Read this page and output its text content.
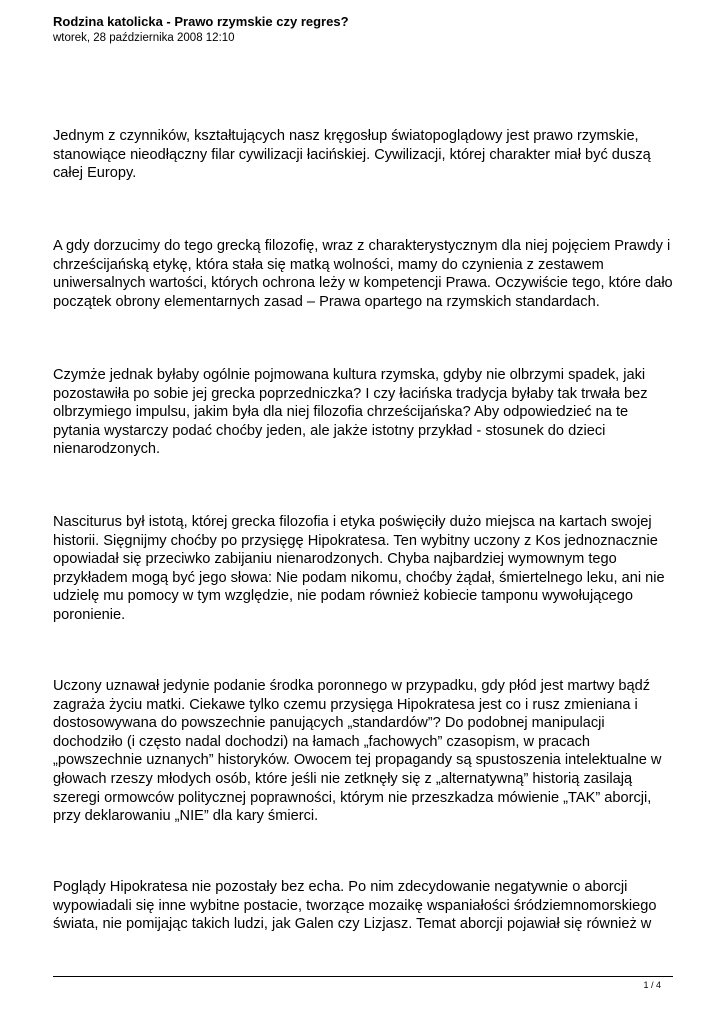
Rodzina katolicka - Prawo rzymskie czy regres?

wtorek, 28 października 2008 12:10

Jednym z czynników, kształtujących nasz kręgosłup światopoglądowy jest prawo rzymskie,
stanowiące nieodłączny filar cywilizacji łacińskiej. Cywilizacji, której charakter miał być duszą
całej Europy.

A gdy dorzucimy do tego grecką filozofię, wraz z charakterystycznym dla niej pojęciem Prawdy i
chrześcijańską etykę, która stała się matką wolności, mamy do czynienia z zestawem
uniwersalnych wartości, których ochrona leży w kompetencji Prawa. Oczywiście tego, które dało
początek obrony elementarnych zasad – Prawa opartego na rzymskich standardach.

Czymże jednak byłaby ogólnie pojmowana kultura rzymska, gdyby nie olbrzymi spadek, jaki
pozostawiła po sobie jej grecka poprzedniczka? I czy łacińska tradycja byłaby tak trwała bez
olbrzymiego impulsu, jakim była dla niej filozofia chrześcijańska? Aby odpowiedzieć na te
pytania wystarczy podać choćby jeden, ale jakże istotny przykład - stosunek do dzieci
nienarodzonych.

Nasciturus był istotą, której grecka filozofia i etyka poświęciły dużo miejsca na kartach swojej
historii. Sięgnijmy choćby po przysięgę Hipokratesa. Ten wybitny uczony z Kos jednoznacznie
opowiadał się przeciwko zabijaniu nienarodzonych. Chyba najbardziej wymownym tego
przykładem mogą być jego słowa: Nie podam nikomu, choćby żądał, śmiertelnego leku, ani nie
udzielę mu pomocy w tym względzie, nie podam również kobiecie tamponu wywołującego
poronienie.

Uczony uznawał jedynie podanie środka poronnego w przypadku, gdy płód jest martwy bądź
zagraża życiu matki. Ciekawe tylko czemu przysięga Hipokratesa jest co i rusz zmieniana i
dostosowywana do powszechnie panujących „standardów”? Do podobnej manipulacji
dochodziło (i często nadal dochodzi) na łamach „fachowych” czasopism, w pracach
„powszechnie uznanych” historyków. Owocem tej propagandy są spustoszenia intelektualne w
głowach rzeszy młodych osób, które jeśli nie zetknęły się z „alternatywną” historią zasilają
szeregi ormowców politycznej poprawności, którym nie przeszkadza mówienie „TAK” aborcji,
przy deklarowaniu „NIE” dla kary śmierci.

Poglądy Hipokratesa nie pozostały bez echa. Po nim zdecydowanie negatywnie o aborcji
wypowiadali się inne wybitne postacie, tworzące mozaikę wspaniałości śródziemnomorskiego
świata, nie pomijając takich ludzi, jak Galen czy Lizjasz. Temat aborcji pojawiał się również w

1 / 4
